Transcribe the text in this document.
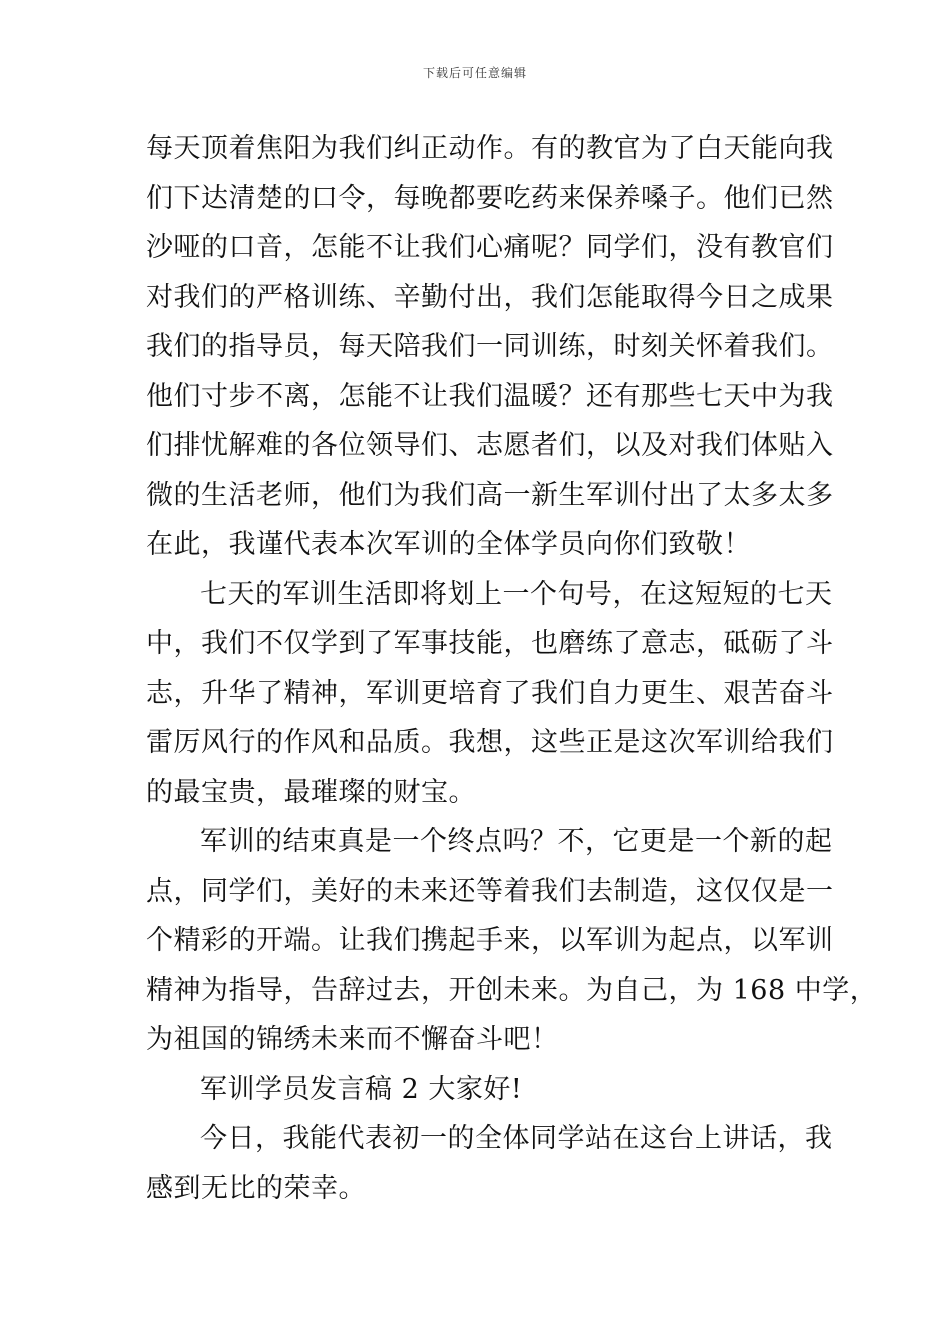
下载后可任意编辑
每天顶着焦阳为我们纠正动作。有的教官为了白天能向我
们下达清楚的口令，每晚都要吃药来保养嗓子。他们已然
沙哑的口音，怎能不让我们心痛呢？同学们，没有教官们
对我们的严格训练、辛勤付出，我们怎能取得今日之成果
我们的指导员，每天陪我们一同训练，时刻关怀着我们。
他们寸步不离，怎能不让我们温暖？还有那些七天中为我
们排忧解难的各位领导们、志愿者们，以及对我们体贴入
微的生活老师，他们为我们高一新生军训付出了太多太多
在此，我谨代表本次军训的全体学员向你们致敬！
七天的军训生活即将划上一个句号，在这短短的七天
中，我们不仅学到了军事技能，也磨练了意志，砥砺了斗
志，升华了精神，军训更培育了我们自力更生、艰苦奋斗
雷厉风行的作风和品质。我想，这些正是这次军训给我们
的最宝贵，最璀璨的财宝。
军训的结束真是一个终点吗？不，它更是一个新的起
点，同学们，美好的未来还等着我们去制造，这仅仅是一
个精彩的开端。让我们携起手来，以军训为起点，以军训
精神为指导，告辞过去，开创未来。为自己，为 168 中学，
为祖国的锦绣未来而不懈奋斗吧！
军训学员发言稿 2 大家好!
今日，我能代表初一的全体同学站在这台上讲话，我
感到无比的荣幸。
